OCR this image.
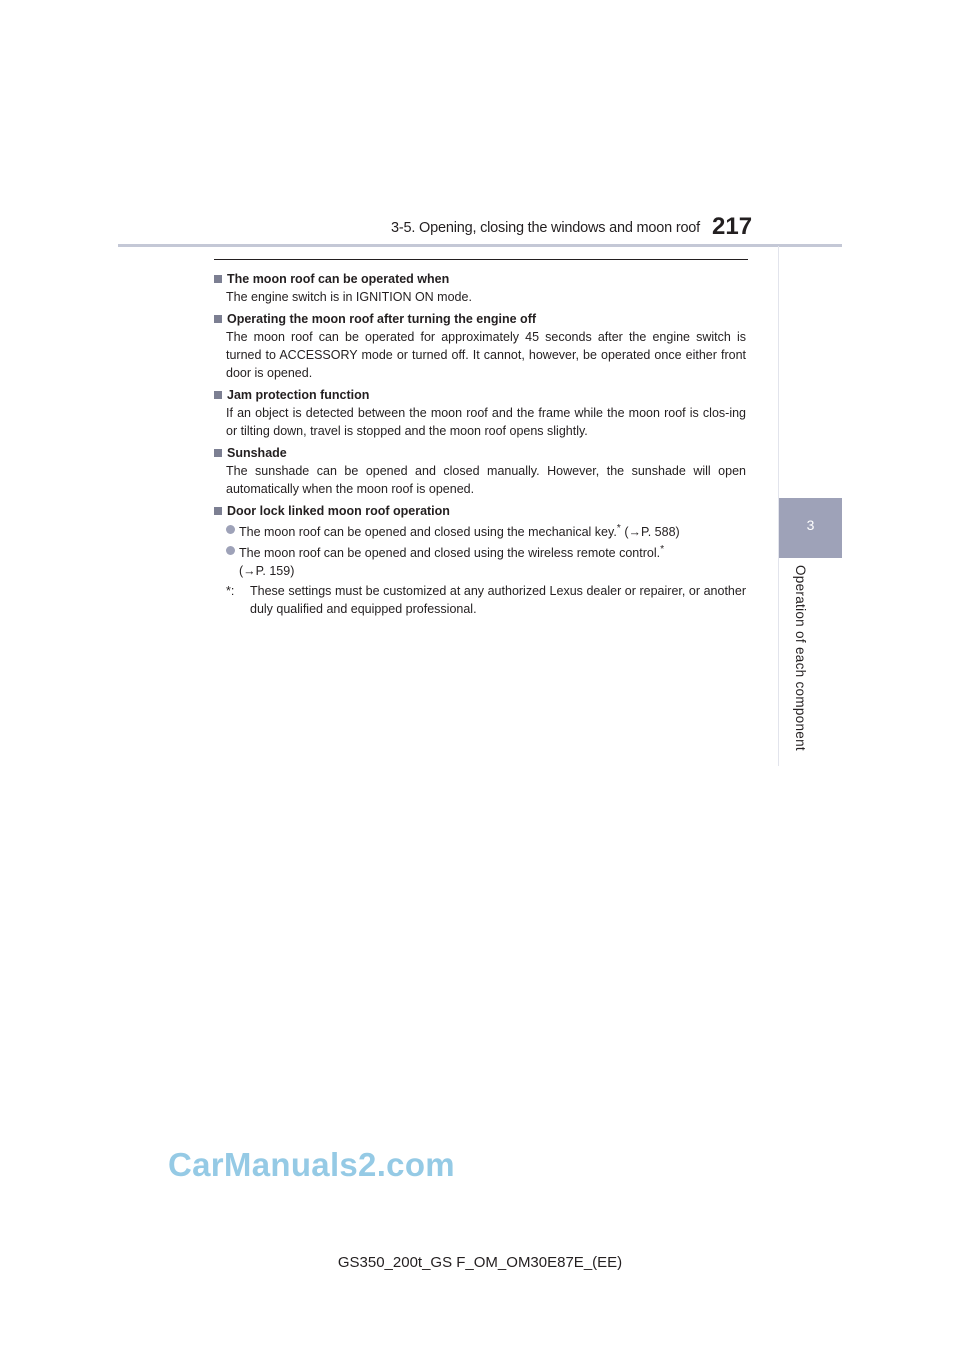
3-5. Opening, closing the windows and moon roof 217
3
Operation of each component
The moon roof can be operated when
The engine switch is in IGNITION ON mode.
Operating the moon roof after turning the engine off
The moon roof can be operated for approximately 45 seconds after the engine switch is turned to ACCESSORY mode or turned off. It cannot, however, be operated once either front door is opened.
Jam protection function
If an object is detected between the moon roof and the frame while the moon roof is clos-ing or tilting down, travel is stopped and the moon roof opens slightly.
Sunshade
The sunshade can be opened and closed manually. However, the sunshade will open automatically when the moon roof is opened.
Door lock linked moon roof operation
The moon roof can be opened and closed using the mechanical key.* (→P. 588)
The moon roof can be opened and closed using the wireless remote control.*
(→P. 159)
*:	These settings must be customized at any authorized Lexus dealer or repairer, or another duly qualified and equipped professional.
CarManuals2.com
GS350_200t_GS F_OM_OM30E87E_(EE)
